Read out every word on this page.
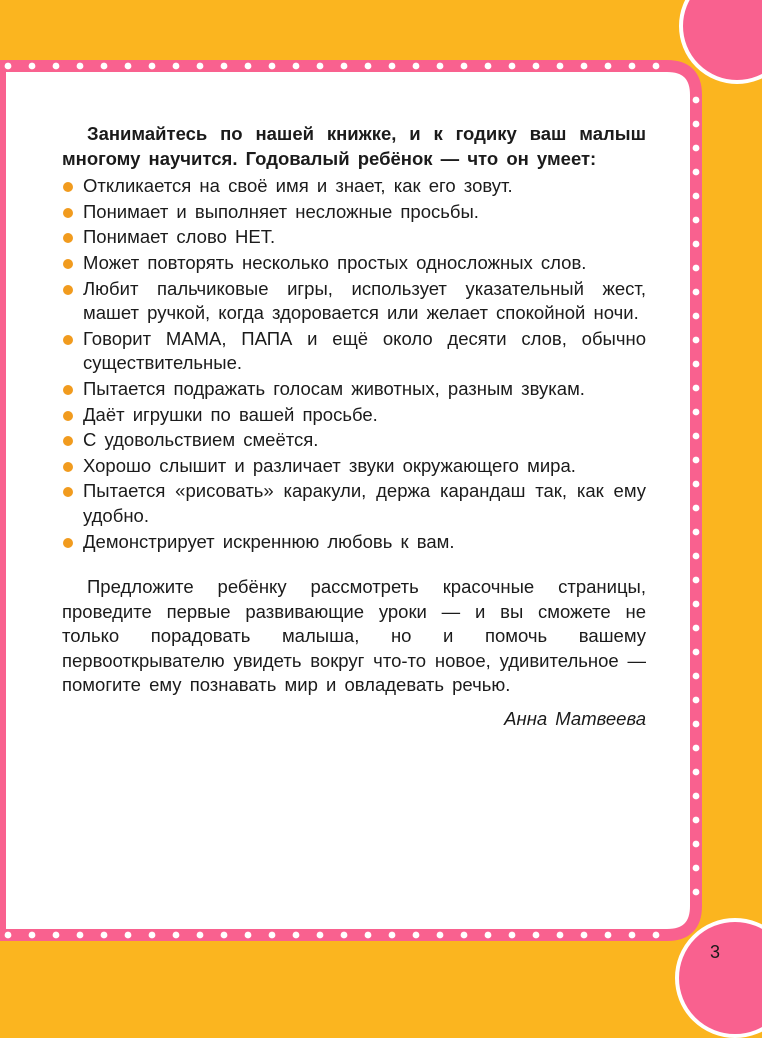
3

Занимайтесь по нашей книжке, и к годику ваш малыш многому научится. Годовалый ребёнок — что он умеет:

Откликается на своё имя и знает, как его зовут.
Понимает и выполняет несложные просьбы.
Понимает слово НЕТ.
Может повторять несколько простых односложных слов.
Любит пальчиковые игры, использует указательный жест, машет ручкой, когда здоровается или желает спокойной ночи.
Говорит МАМА, ПАПА и ещё около десяти слов, обычно существительные.
Пытается подражать голосам животных, разным звукам.
Даёт игрушки по вашей просьбе.
С удовольствием смеётся.
Хорошо слышит и различает звуки окружающего мира.
Пытается «рисовать» каракули, держа карандаш так, как ему удобно.
Демонстрирует искреннюю любовь к вам.

Предложите ребёнку рассмотреть красочные страницы, проведите первые развивающие уроки — и вы сможете не только порадовать малыша, но и помочь вашему первооткрывателю увидеть вокруг что-то новое, удивительное — помогите ему познавать мир и овладевать речью.

Анна Матвеева
